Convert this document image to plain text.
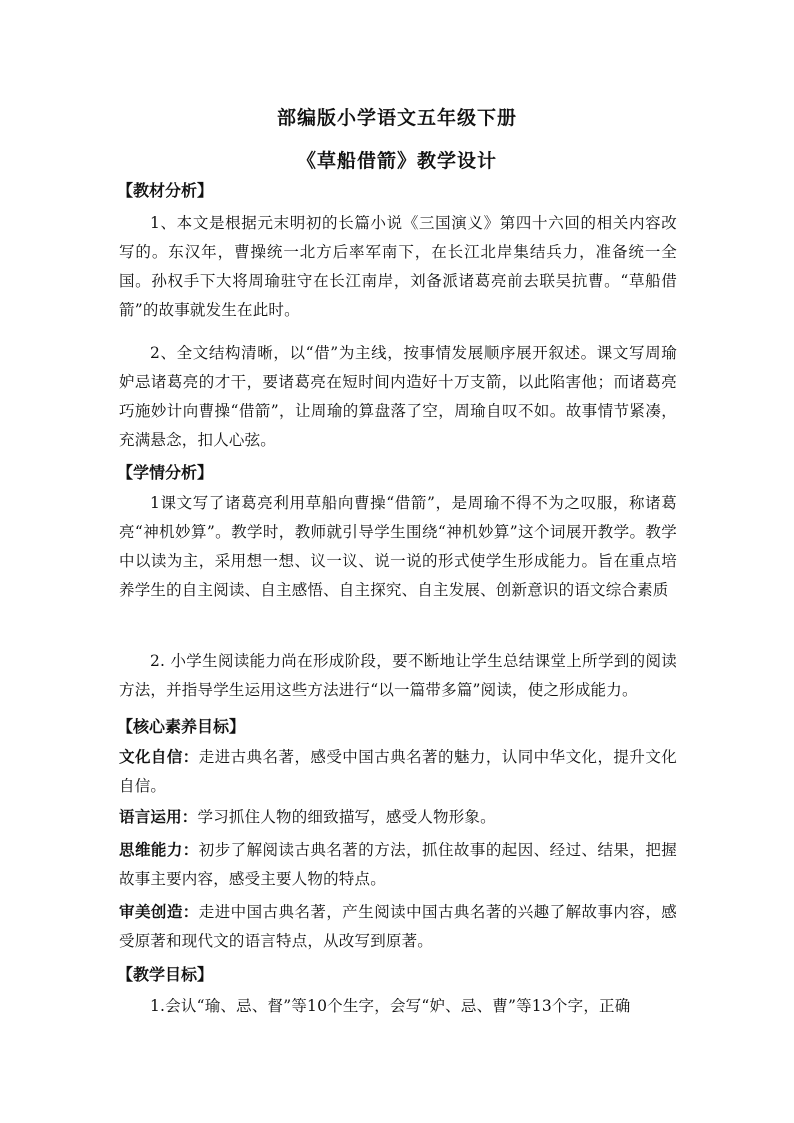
部编版小学语文五年级下册
《草船借箭》教学设计
【教材分析】

1、本文是根据元末明初的长篇小说《三国演义》第四十六回的相关内容改写的。东汉年，曹操统一北方后率军南下，在长江北岸集结兵力，准备统一全国。孙权手下大将周瑜驻守在长江南岸，刘备派诸葛亮前去联吴抗曹。“草船借箭”的故事就发生在此时。

2、全文结构清晰，以“借”为主线，按事情发展顺序展开叙述。课文写周瑜妒忌诸葛亮的才干，要诸葛亮在短时间内造好十万支箭，以此陷害他；而诸葛亮巧施妙计向曹操“借箭”，让周瑜的算盘落了空，周瑜自叹不如。故事情节紧凑，充满悬念，扣人心弦。

【学情分析】

1课文写了诸葛亮利用草船向曹操“借箭”，是周瑜不得不为之叹服，称诸葛亮“神机妙算”。教学时，教师就引导学生围绕“神机妙算”这个词展开教学。教学中以读为主，采用想一想、议一议、说一说的形式使学生形成能力。旨在重点培养学生的自主阅读、自主感悟、自主探究、自主发展、创新意识的语文综合素质

2. 小学生阅读能力尚在形成阶段，要不断地让学生总结课堂上所学到的阅读方法，并指导学生运用这些方法进行“以一篇带多篇”阅读，使之形成能力。

【核心素养目标】

文化自信：走进古典名著，感受中国古典名著的魅力，认同中华文化，提升文化自信。

语言运用：学习抓住人物的细致描写，感受人物形象。

思维能力：初步了解阅读古典名著的方法，抓住故事的起因、经过、结果，把握故事主要内容，感受主要人物的特点。

审美创造：走进中国古典名著，产生阅读中国古典名著的兴趣了解故事内容，感受原著和现代文的语言特点，从改写到原著。

【教学目标】

1.会认“瑜、忌、督”等10个生字，会写“妒、忌、曹”等13个字，正确
